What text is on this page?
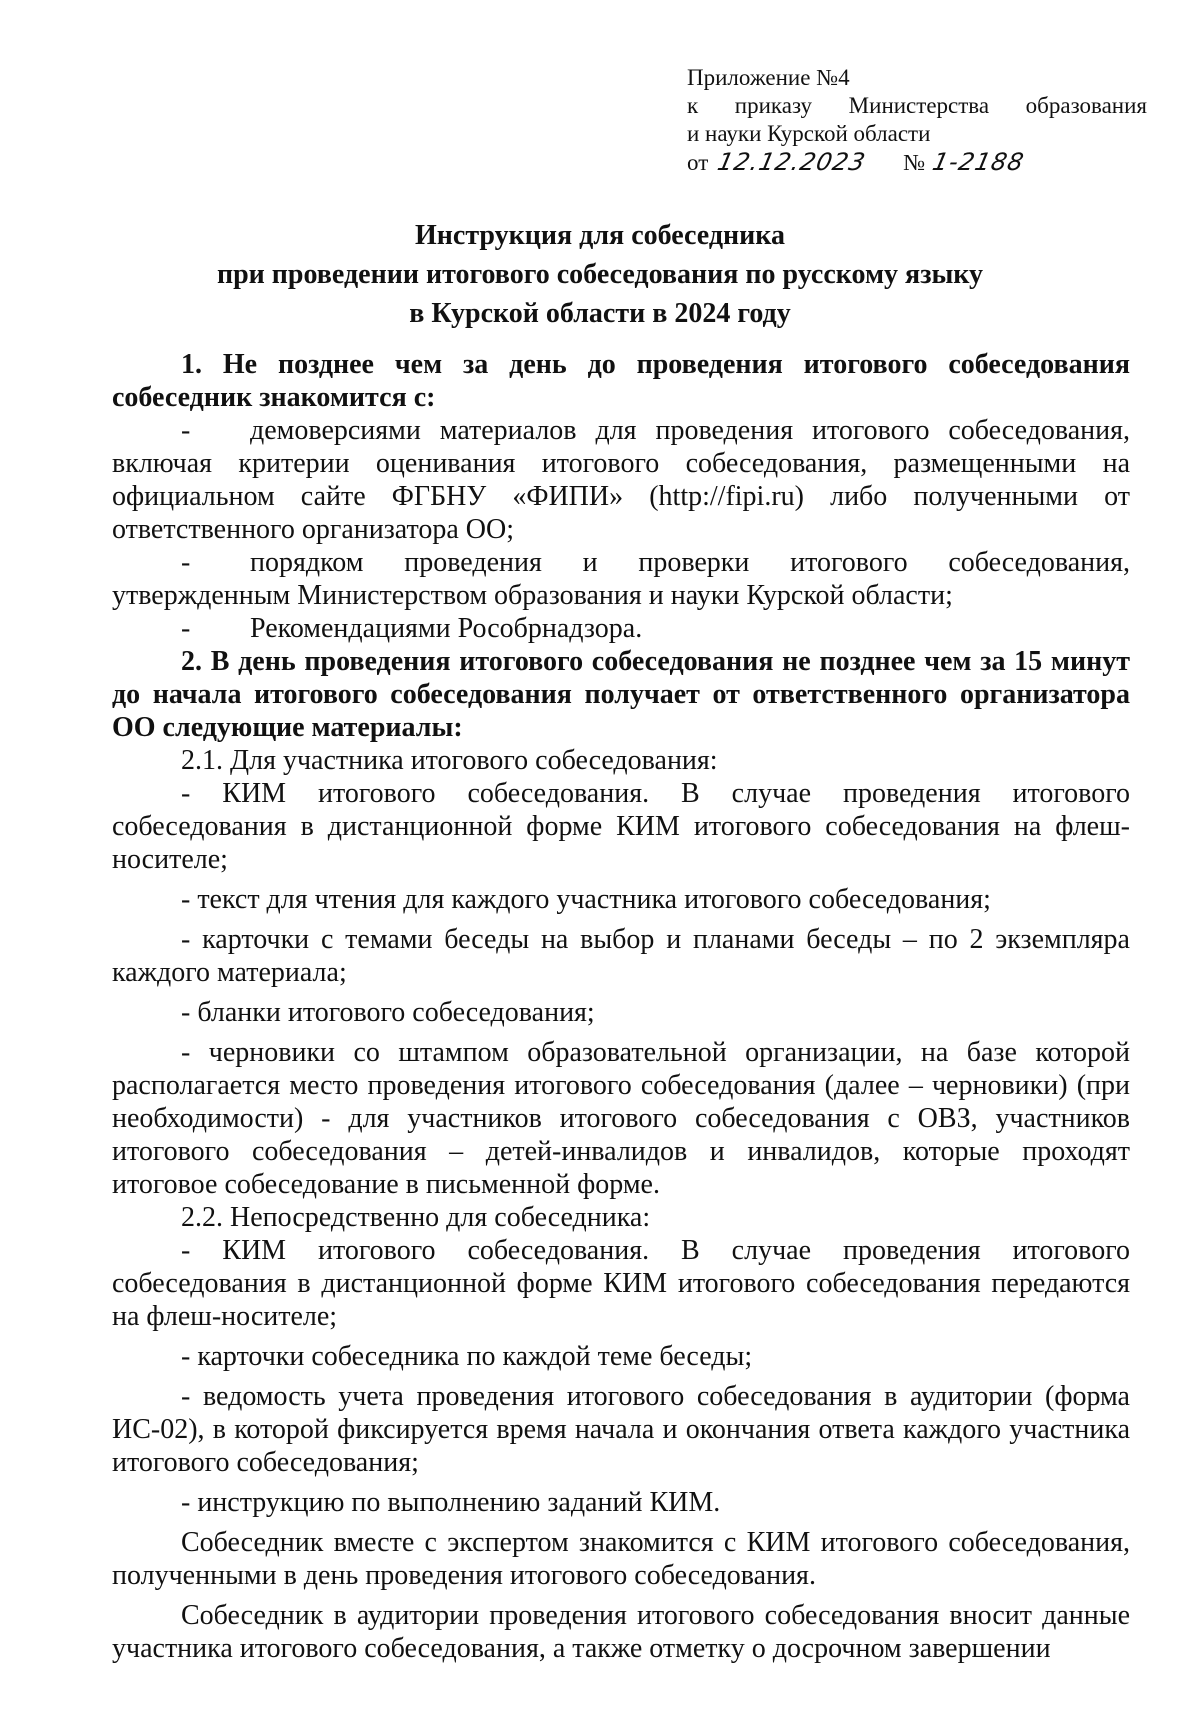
Приложение №4
к приказу Министерства образования
и науки Курской области
от 12.12.2023 № 1-2188
Инструкция для собеседника
при проведении итогового собеседования по русскому языку
в Курской области в 2024 году

1. Не позднее чем за день до проведения итогового собеседования собеседник знакомится с:

- демоверсиями материалов для проведения итогового собеседования, включая критерии оценивания итогового собеседования, размещенными на официальном сайте ФГБНУ «ФИПИ» (http://fipi.ru) либо полученными от ответственного организатора ОО;

- порядком проведения и проверки итогового собеседования, утвержденным Министерством образования и науки Курской области;

- Рекомендациями Рособрнадзора.

2. В день проведения итогового собеседования не позднее чем за 15 минут до начала итогового собеседования получает от ответственного организатора ОО следующие материалы:

2.1. Для участника итогового собеседования:

- КИМ итогового собеседования. В случае проведения итогового собеседования в дистанционной форме КИМ итогового собеседования на флеш-носителе;

- текст для чтения для каждого участника итогового собеседования;

- карточки с темами беседы на выбор и планами беседы – по 2 экземпляра каждого материала;

- бланки итогового собеседования;

- черновики со штампом образовательной организации, на базе которой располагается место проведения итогового собеседования (далее – черновики) (при необходимости) - для участников итогового собеседования с ОВЗ, участников итогового собеседования – детей-инвалидов и инвалидов, которые проходят итоговое собеседование в письменной форме.

2.2. Непосредственно для собеседника:

- КИМ итогового собеседования. В случае проведения итогового собеседования в дистанционной форме КИМ итогового собеседования передаются на флеш-носителе;

- карточки собеседника по каждой теме беседы;

- ведомость учета проведения итогового собеседования в аудитории (форма ИС-02), в которой фиксируется время начала и окончания ответа каждого участника итогового собеседования;

- инструкцию по выполнению заданий КИМ.

Собеседник вместе с экспертом знакомится с КИМ итогового собеседования, полученными в день проведения итогового собеседования.

Собеседник в аудитории проведения итогового собеседования вносит данные участника итогового собеседования, а также отметку о досрочном завершении
